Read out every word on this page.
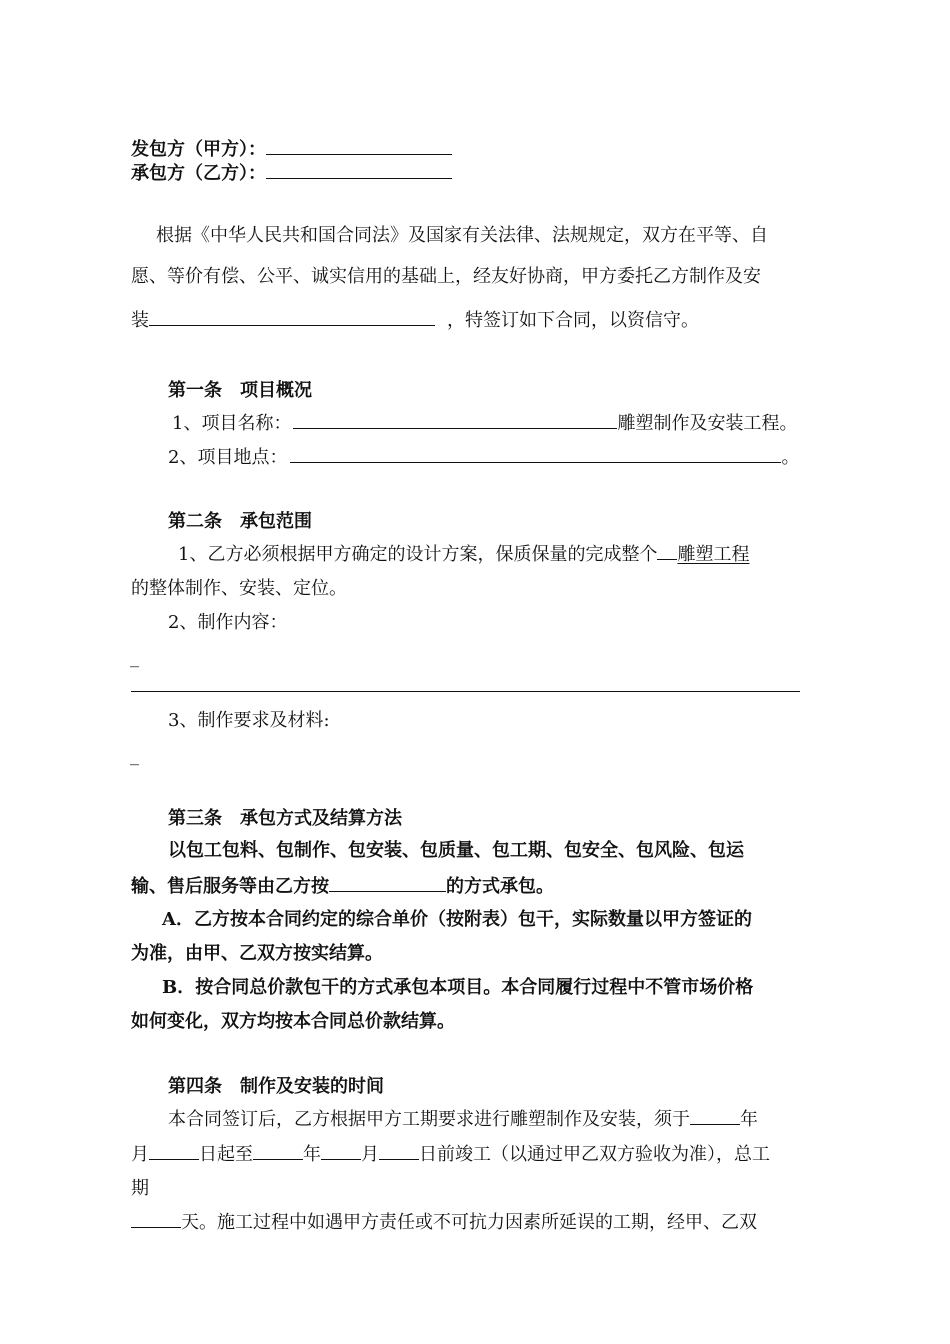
发包方（甲方）：
承包方（乙方）：
根据《中华人民共和国合同法》及国家有关法律、法规规定，双方在平等、自
愿、等价有偿、公平、诚实信用的基础上，经友好协商，甲方委托乙方制作及安
装	，特签订如下合同，以资信守。
第一条　项目概况
1、项目名称：	雕塑制作及安装工程。
2、项目地点：	。
第二条　承包范围
1、乙方必须根据甲方确定的设计方案，保质保量的完成整个 雕塑工程
的整体制作、安装、定位。
2、制作内容：
_
3、制作要求及材料:
_
第三条　承包方式及结算方法
以包工包料、包制作、包安装、包质量、包工期、包安全、包风险、包运
输、售后服务等由乙方按	的方式承包。
A．乙方按本合同约定的综合单价（按附表）包干，实际数量以甲方签证的
为准，由甲、乙双方按实结算。
B．按合同总价款包干的方式承包本项目。本合同履行过程中不管市场价格
如何变化，双方均按本合同总价款结算。
第四条　制作及安装的时间
本合同签订后，乙方根据甲方工期要求进行雕塑制作及安装，须于	年
月	日起至	年 月 日前竣工（以通过甲乙双方验收为准），总工
期
天。施工过程中如遇甲方责任或不可抗力因素所延误的工期，经甲、乙双
